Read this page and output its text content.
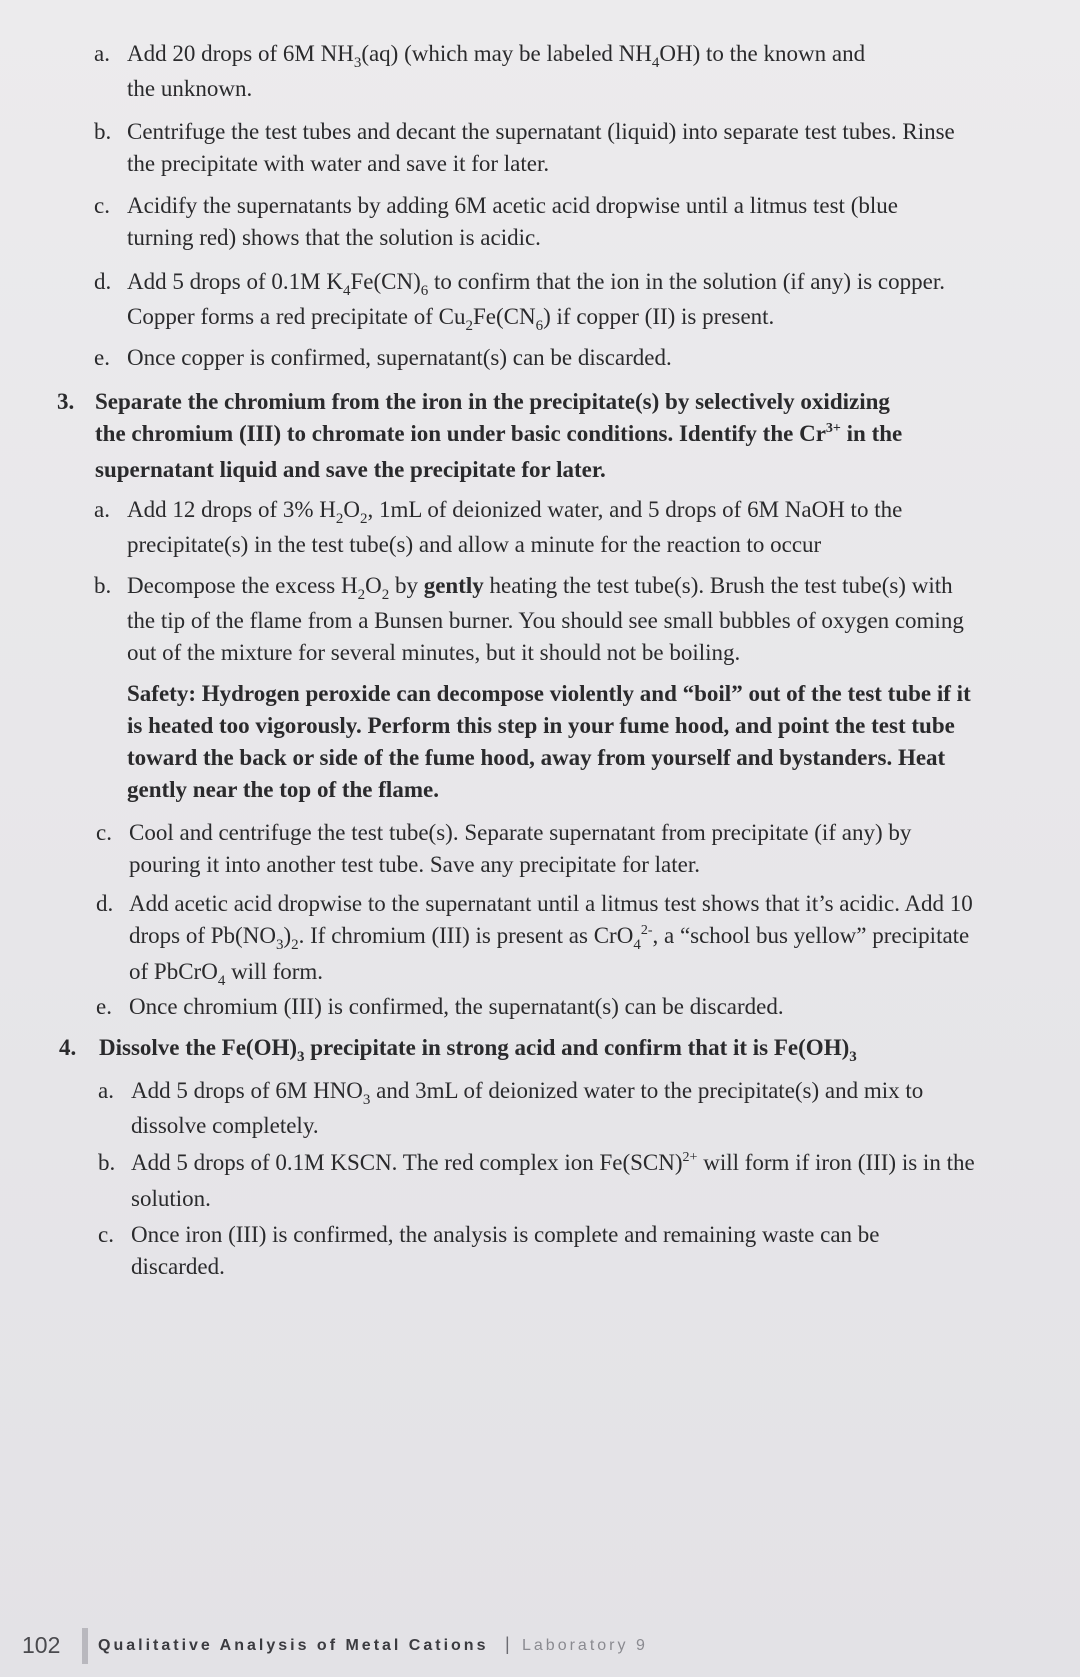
a. Add 20 drops of 6M $NH_3(aq)$ (which may be labeled $NH_4OH$) to the known and
the unknown.
b. Centrifuge the test tubes and decant the supernatant (liquid) into separate test tubes. Rinse
the precipitate with water and save it for later.
c. Acidify the supernatants by adding 6M acetic acid dropwise until a litmus test (blue
turning red) shows that the solution is acidic.
d. Add 5 drops of 0.1M $K_4Fe(CN)_6$ to confirm that the ion in the solution (if any) is copper.
Copper forms a red precipitate of $Cu_2Fe(CN_6)$ if copper (II) is present.
e. Once copper is confirmed, supernatant(s) can be discarded.
3. Separate the chromium from the iron in the precipitate(s) by selectively oxidizing
the chromium (III) to chromate ion under basic conditions. Identify the $Cr^{3+}$ in the
supernatant liquid and save the precipitate for later.
a. Add 12 drops of 3% $H_2O_2$, 1mL of deionized water, and 5 drops of 6M NaOH to the
precipitate(s) in the test tube(s) and allow a minute for the reaction to occur
b. Decompose the excess $H_2O_2$ by gently heating the test tube(s). Brush the test tube(s) with
the tip of the flame from a Bunsen burner. You should see small bubbles of oxygen coming
out of the mixture for several minutes, but it should not be boiling.
Safety: Hydrogen peroxide can decompose violently and “boil” out of the test tube if it
is heated too vigorously. Perform this step in your fume hood, and point the test tube
toward the back or side of the fume hood, away from yourself and bystanders. Heat
gently near the top of the flame.
c. Cool and centrifuge the test tube(s). Separate supernatant from precipitate (if any) by
pouring it into another test tube. Save any precipitate for later.
d. Add acetic acid dropwise to the supernatant until a litmus test shows that it’s acidic. Add 10
drops of $Pb(NO_3)_2$. If chromium (III) is present as CrO$_4^{2-}$, a “school bus yellow” precipitate
of PbCrO$_4$ will form.
e. Once chromium (III) is confirmed, the supernatant(s) can be discarded.
4. Dissolve the $Fe(OH)_3$ precipitate in strong acid and confirm that it is $Fe(OH)_3$
a. Add 5 drops of 6M $HNO_3$ and 3mL of deionized water to the precipitate(s) and mix to
dissolve completely.
b. Add 5 drops of 0.1M KSCN. The red complex ion Fe(SCN)$^{2+}$ will form if iron (III) is in the
solution.
c. Once iron (III) is confirmed, the analysis is complete and remaining waste can be
discarded.
102	Qualitative Analysis of Metal Cations | Laboratory 9
